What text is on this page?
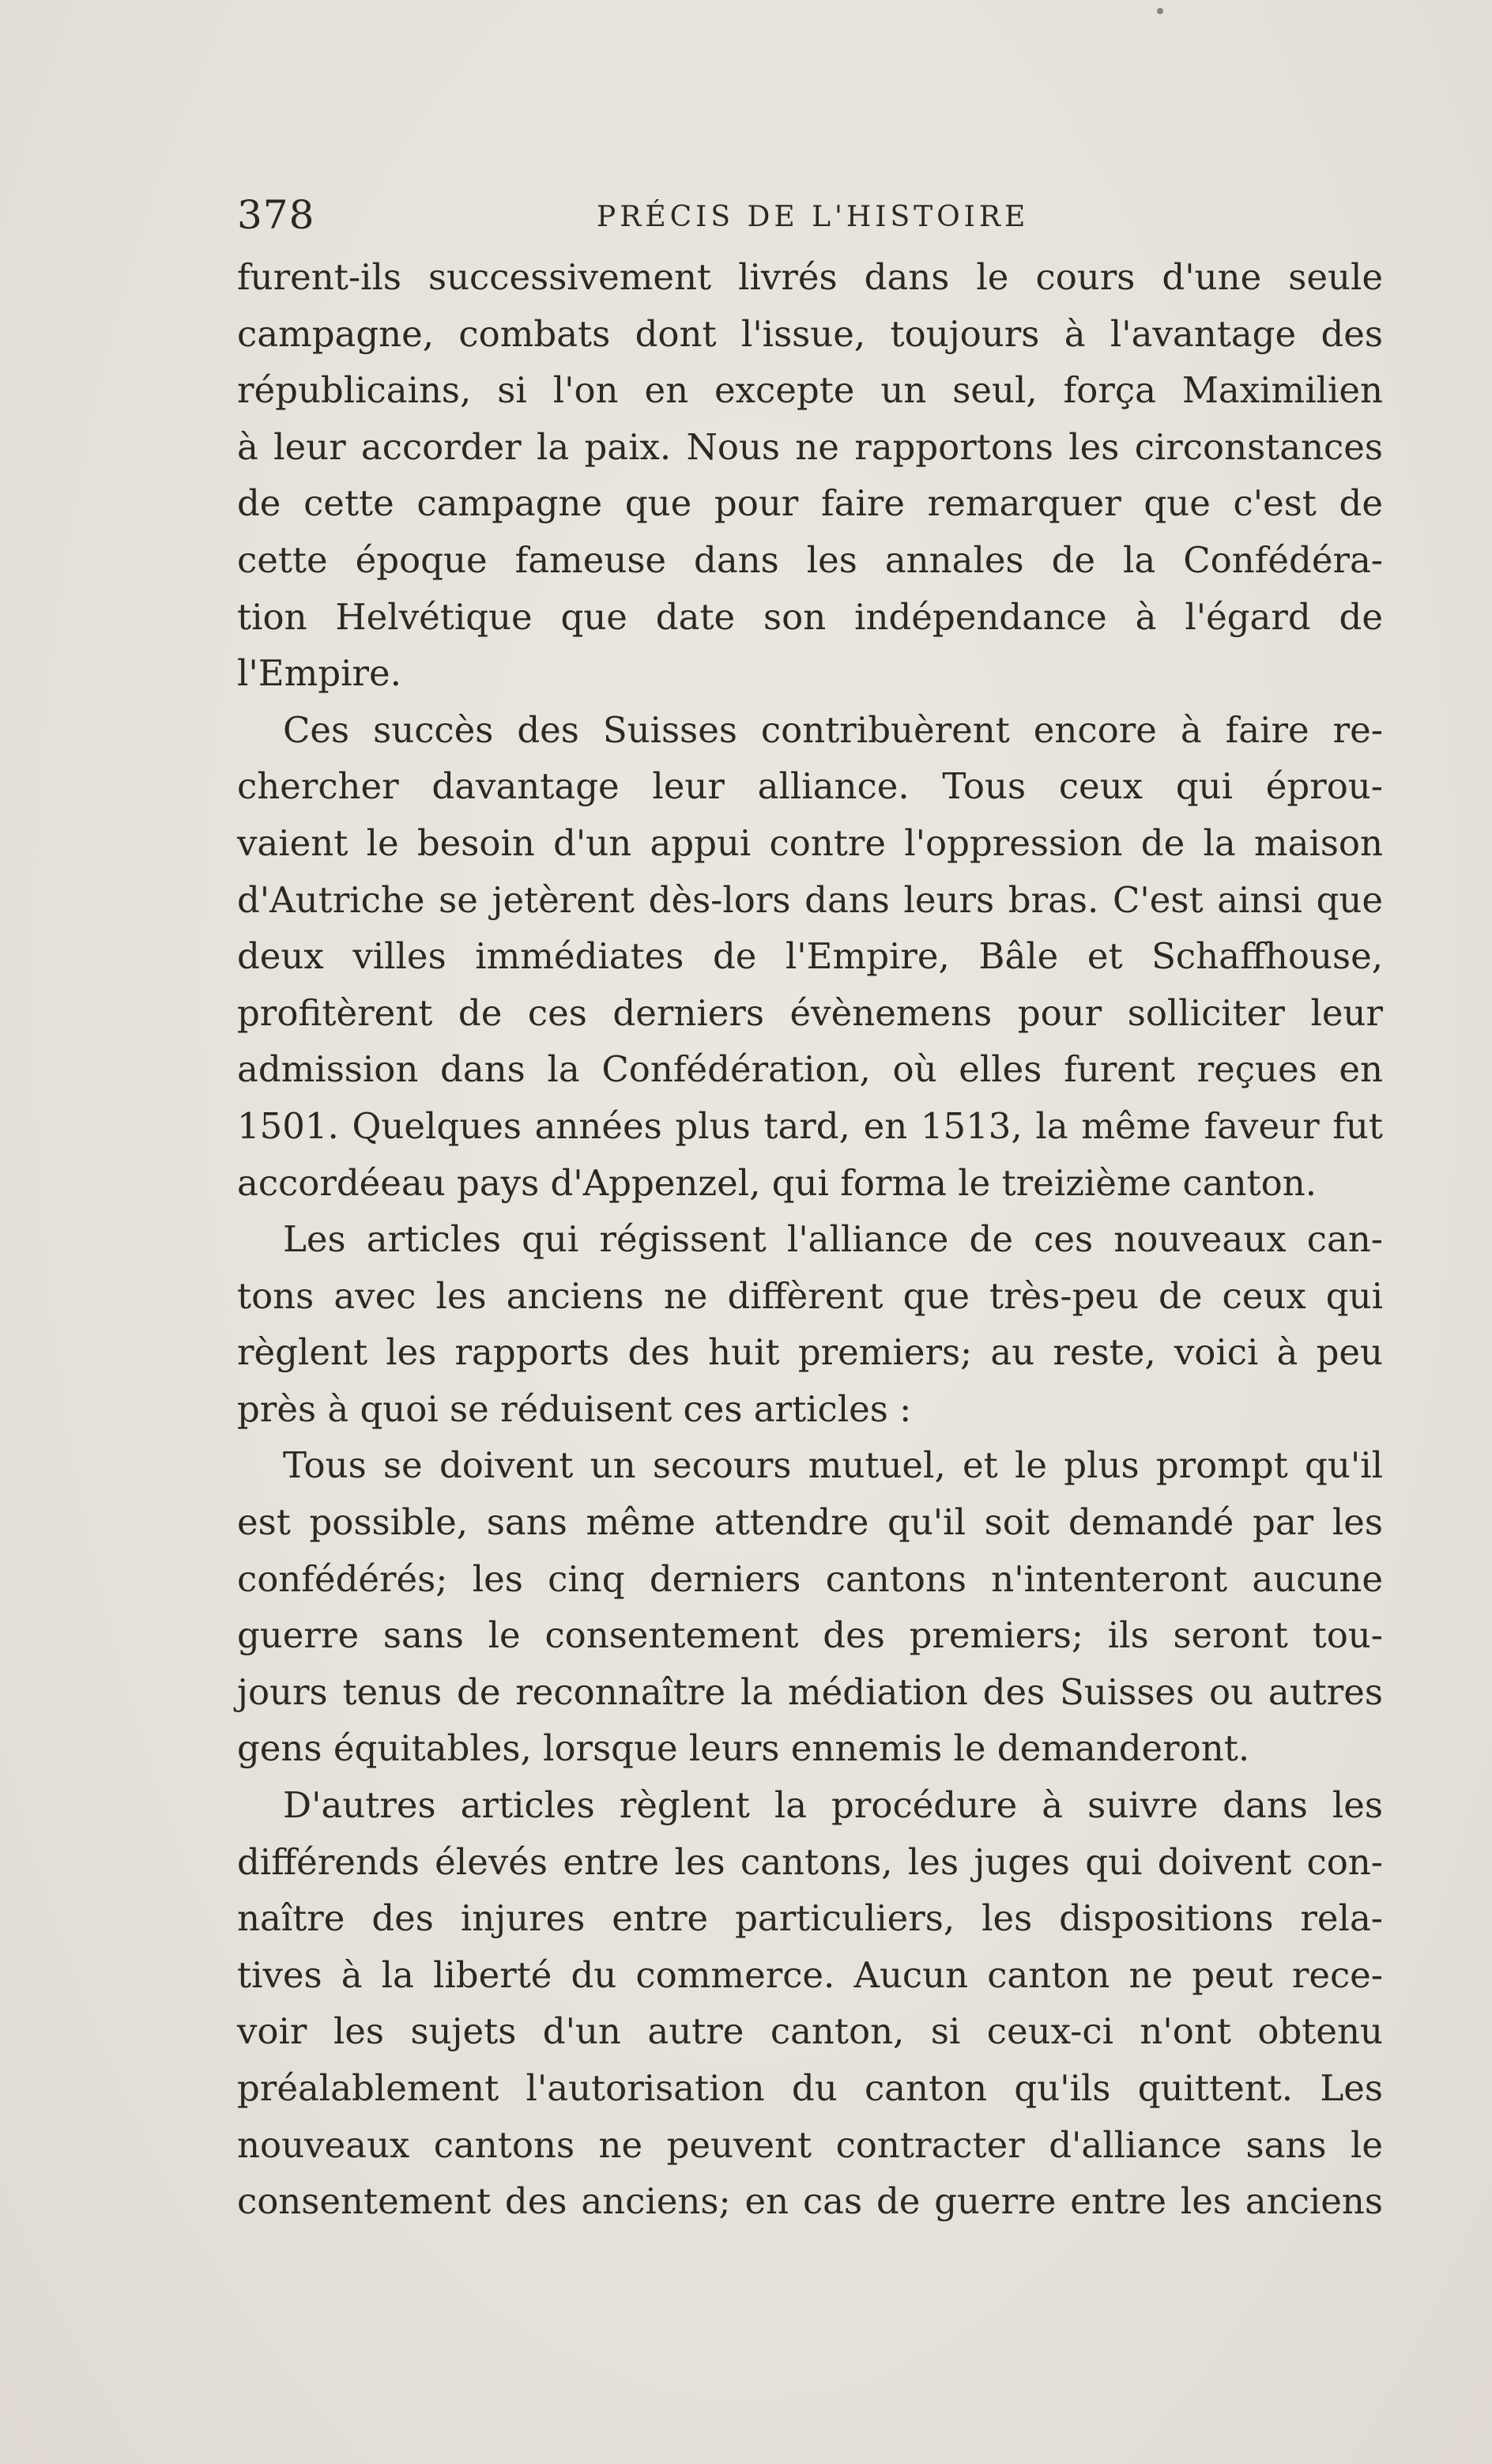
378	PRÉCIS DE L'HISTOIRE
furent-ils successivement livrés dans le cours d'une seule
campagne, combats dont l'issue, toujours à l'avantage des
républicains, si l'on en excepte un seul, força Maximilien
à leur accorder la paix. Nous ne rapportons les circonstances
de cette campagne que pour faire remarquer que c'est de
cette époque fameuse dans les annales de la Confédéra-
tion Helvétique que date son indépendance à l'égard de
l'Empire.
Ces succès des Suisses contribuèrent encore à faire re-
chercher davantage leur alliance. Tous ceux qui éprou-
vaient le besoin d'un appui contre l'oppression de la maison
d'Autriche se jetèrent dès-lors dans leurs bras. C'est ainsi que
deux villes immédiates de l'Empire, Bâle et Schaffhouse,
profitèrent de ces derniers évènemens pour solliciter leur
admission dans la Confédération, où elles furent reçues en
1501. Quelques années plus tard, en 1513, la même faveur fut
accordéeau pays d'Appenzel, qui forma le treizième canton.
Les articles qui régissent l'alliance de ces nouveaux can-
tons avec les anciens ne diffèrent que très-peu de ceux qui
règlent les rapports des huit premiers; au reste, voici à peu
près à quoi se réduisent ces articles :
Tous se doivent un secours mutuel, et le plus prompt qu'il
est possible, sans même attendre qu'il soit demandé par les
confédérés; les cinq derniers cantons n'intenteront aucune
guerre sans le consentement des premiers; ils seront tou-
jours tenus de reconnaître la médiation des Suisses ou autres
gens équitables, lorsque leurs ennemis le demanderont.
D'autres articles règlent la procédure à suivre dans les
différends élevés entre les cantons, les juges qui doivent con-
naître des injures entre particuliers, les dispositions rela-
tives à la liberté du commerce. Aucun canton ne peut rece-
voir les sujets d'un autre canton, si ceux-ci n'ont obtenu
préalablement l'autorisation du canton qu'ils quittent. Les
nouveaux cantons ne peuvent contracter d'alliance sans le
consentement des anciens; en cas de guerre entre les anciens
